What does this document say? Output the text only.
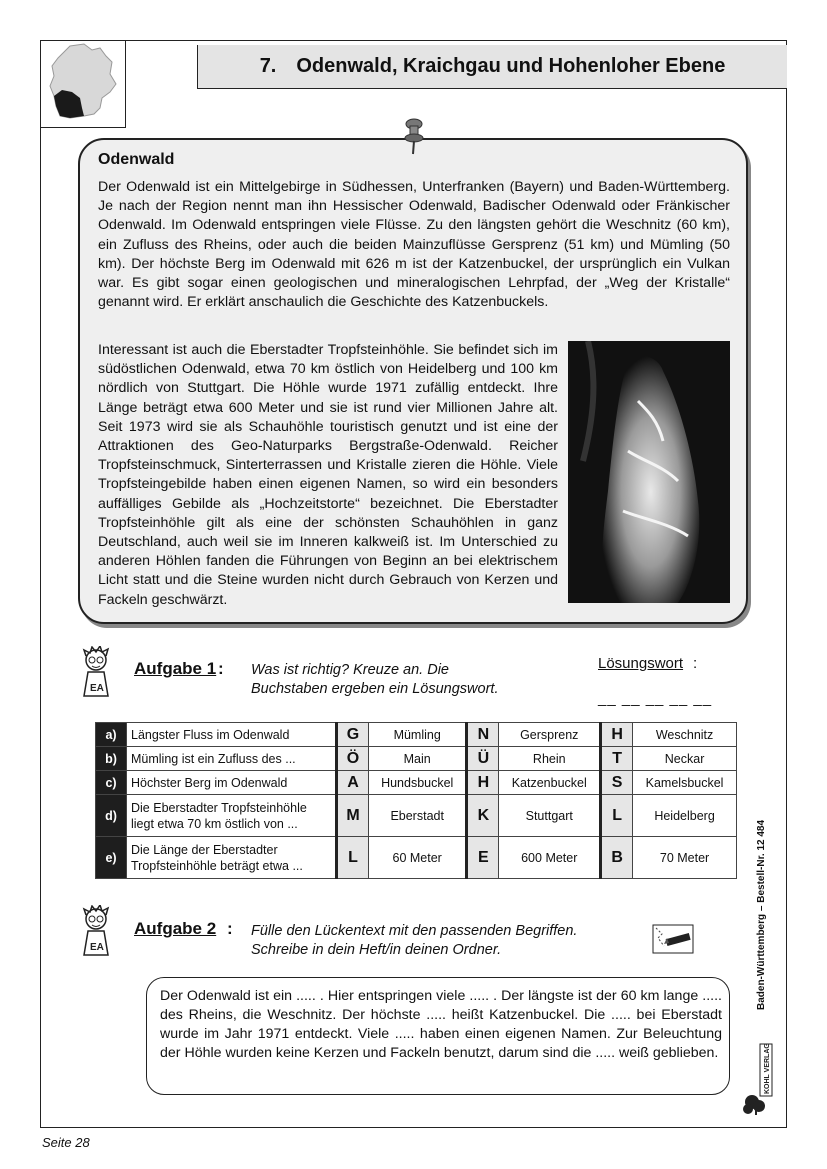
7. Odenwald, Kraichgau und Hohenloher Ebene
Odenwald

Der Odenwald ist ein Mittelgebirge in Südhessen, Unterfranken (Bayern) und Baden-Württemberg. Je nach der Region nennt man ihn Hessischer Odenwald, Badischer Odenwald oder Fränkischer Odenwald. Im Odenwald entspringen viele Flüsse. Zu den längsten gehört die Weschnitz (60 km), ein Zufluss des Rheins, oder auch die beiden Mainzuflüsse Gersprenz (51 km) und Mümling (50 km). Der höchste Berg im Odenwald mit 626 m ist der Katzenbuckel, der ursprünglich ein Vulkan war. Es gibt sogar einen geologischen und mineralogischen Lehrpfad, der „Weg der Kristalle“ genannt wird. Er erklärt anschaulich die Geschichte des Katzenbuckels.

Interessant ist auch die Eberstadter Tropfsteinhöhle. Sie befindet sich im südöstlichen Odenwald, etwa 70 km östlich von Heidelberg und 100 km nördlich von Stuttgart. Die Höhle wurde 1971 zufällig entdeckt. Ihre Länge beträgt etwa 600 Meter und sie ist rund vier Millionen Jahre alt. Seit 1973 wird sie als Schauhöhle touristisch genutzt und ist eine der Attraktionen des Geo-Naturparks Bergstraße-Odenwald. Reicher Tropfsteinschmuck, Sinterterrassen und Kristalle zieren die Höhle. Viele Tropfsteingebilde haben einen eigenen Namen, so wird ein besonders auffälliges Gebilde als „Hochzeitstorte“ bezeichnet. Die Eberstadter Tropfsteinhöhle gilt als eine der schönsten Schauhöhlen in ganz Deutschland, auch weil sie im Inneren kalkweiß ist. Im Unterschied zu anderen Höhlen fanden die Führungen von Beginn an bei elektrischem Licht statt und die Steine wurden nicht durch Gebrauch von Kerzen und Fackeln geschwärzt.
EA
Aufgabe 1 : Was ist richtig? Kreuze an. Die
Buchstaben ergeben ein Lösungswort.

Lösungswort :
__ __ __ __ __
a)	Längster Fluss im Odenwald	G	Mümling	N	Gersprenz	H	Weschnitz
b)	Mümling ist ein Zufluss des ...	Ö	Main	Ü	Rhein	T	Neckar
c)	Höchster Berg im Odenwald	A	Hundsbuckel	H	Katzenbuckel	S	Kamelsbuckel
d)	Die Eberstadter Tropfsteinhöhle liegt etwa 70 km östlich von ...	M	Eberstadt	K	Stuttgart	L	Heidelberg
e)	Die Länge der Eberstadter Tropfsteinhöhle beträgt etwa ...	L	60 Meter	E	600 Meter	B	70 Meter
EA
Aufgabe 2 : Fülle den Lückentext mit den passenden Begriffen.
Schreibe in dein Heft/in deinen Ordner.

Der Odenwald ist ein ..... . Hier entspringen viele ..... . Der längste ist der 60 km lange ..... des Rheins, die Weschnitz. Der höchste ..... heißt Katzenbuckel. Die ..... bei Eberstadt wurde im Jahr 1971 entdeckt. Viele ..... haben einen eigenen Namen. Zur Beleuchtung der Höhle wurden keine Kerzen und Fackeln benutzt, darum sind die ..... weiß geblieben.

Baden-Württemberg – Bestell-Nr. 12 484
KOHL VERLAG
Seite 28
